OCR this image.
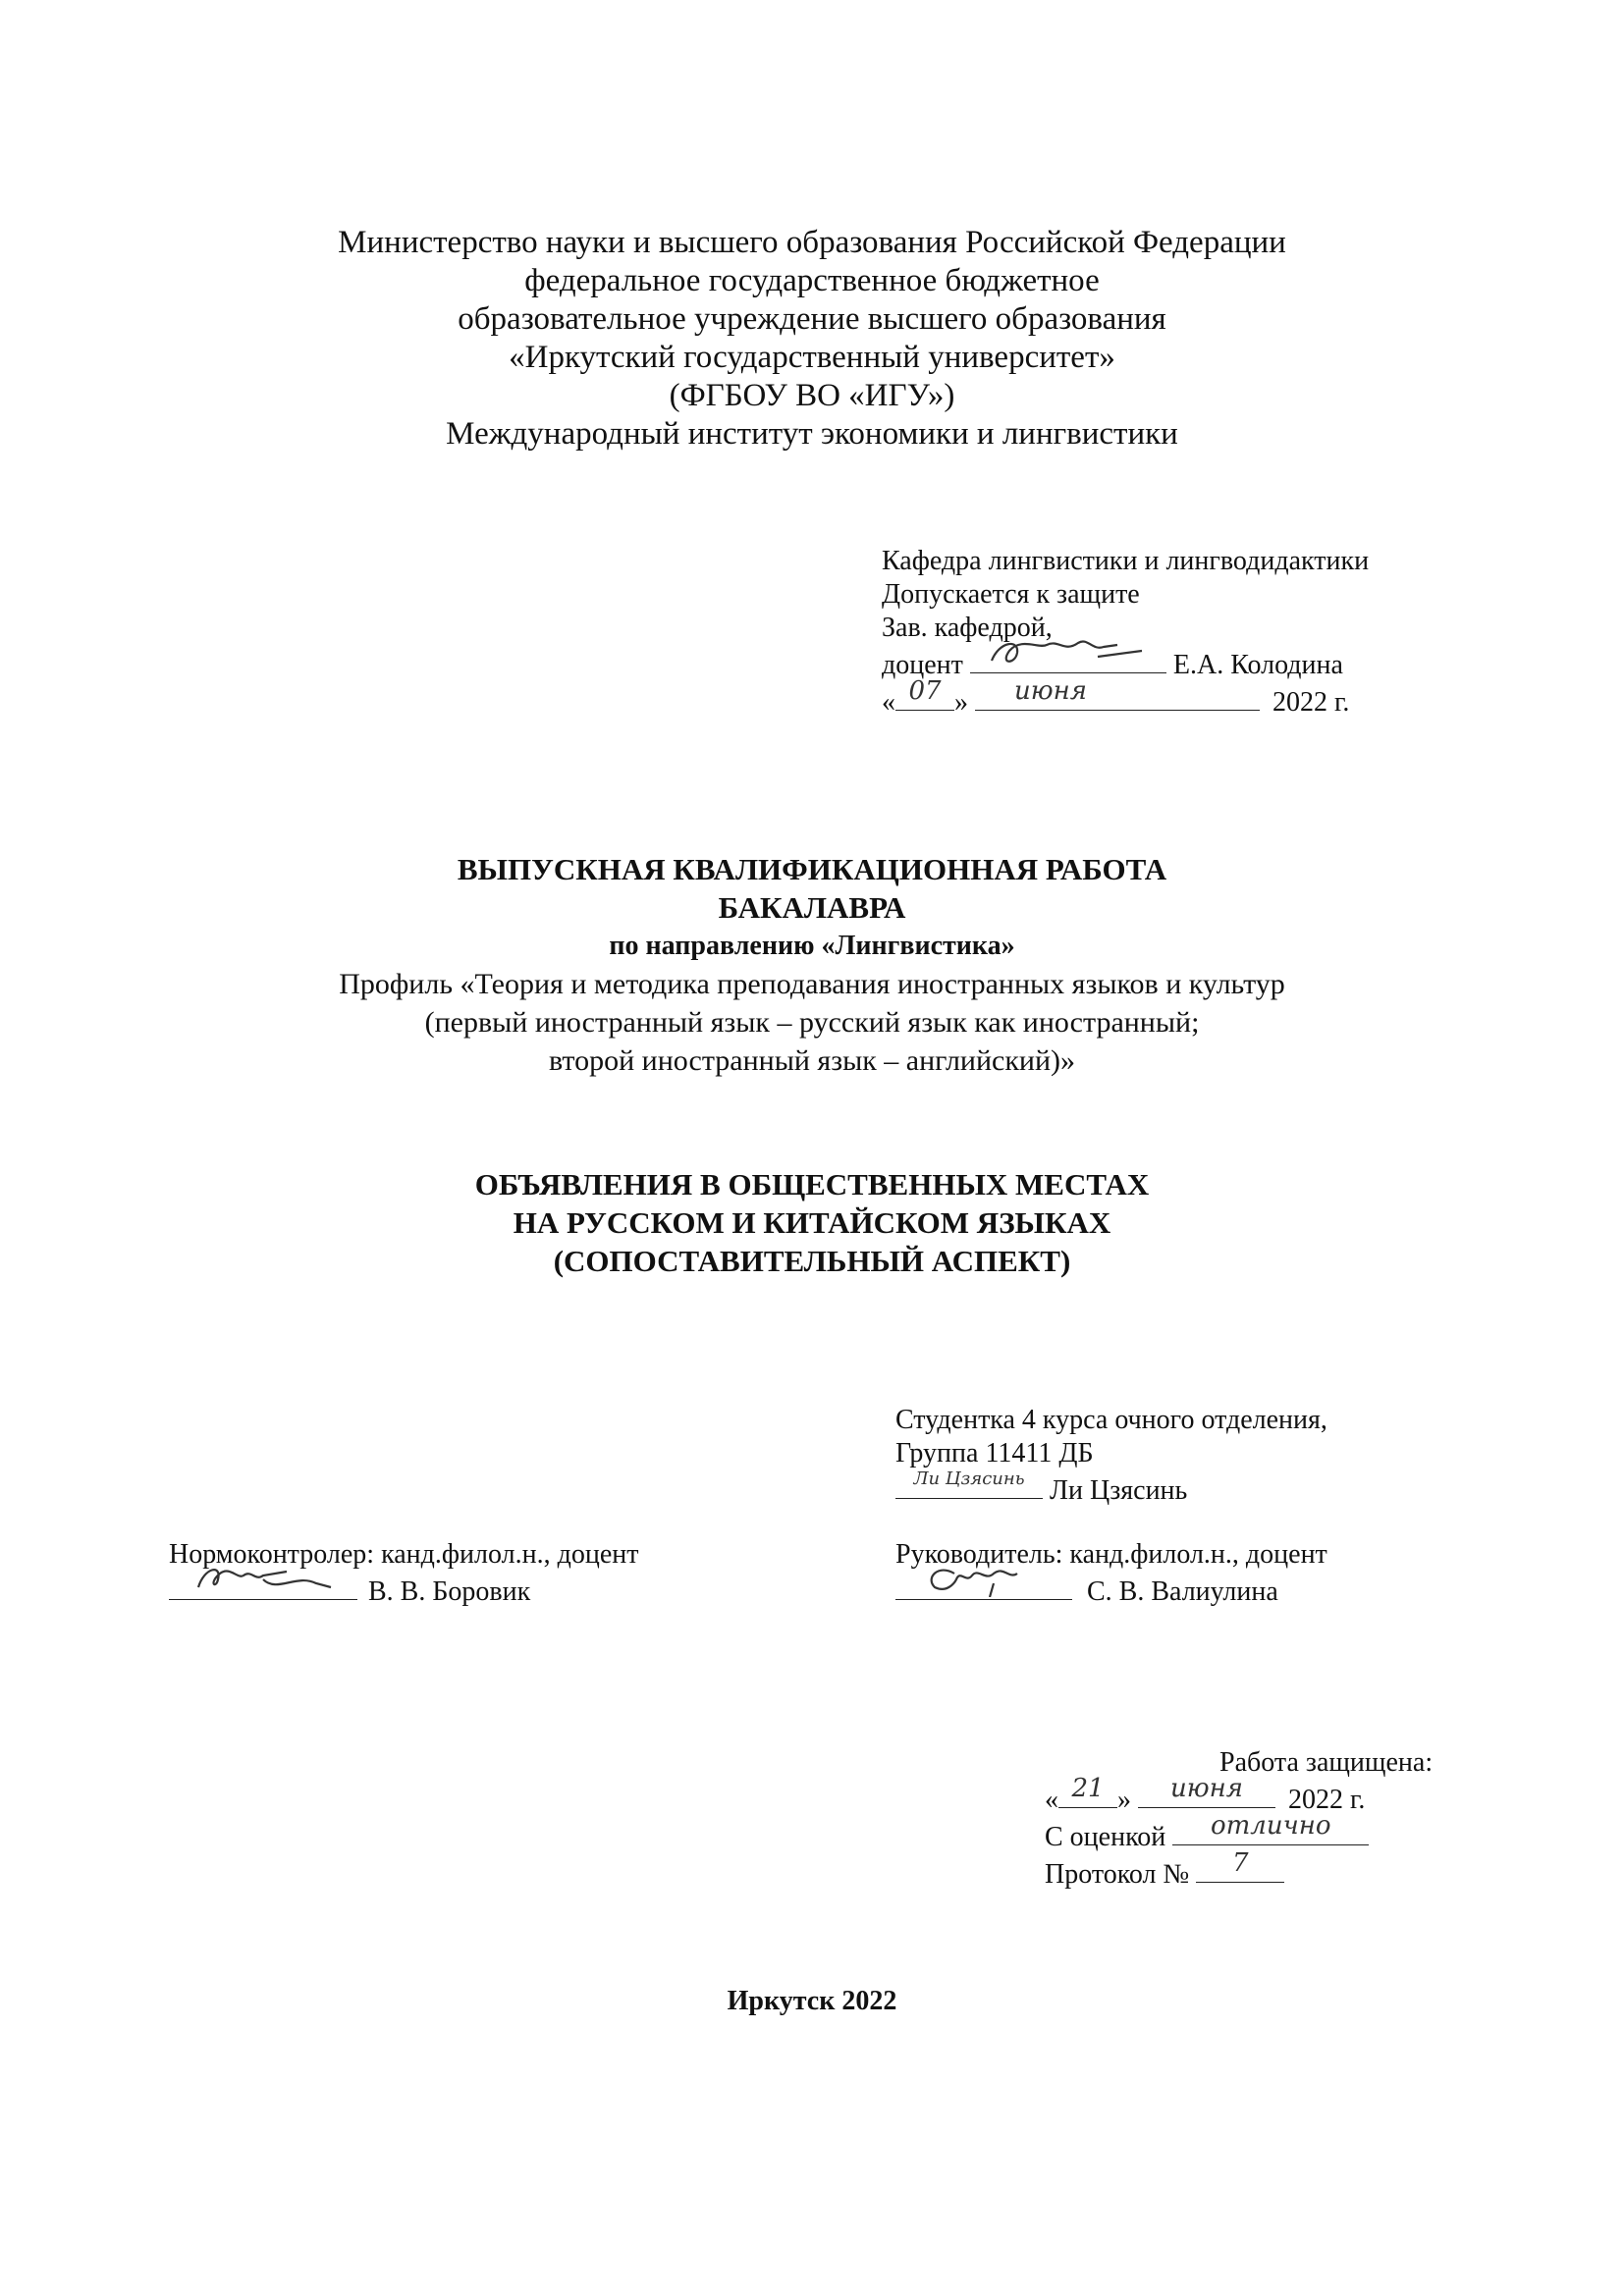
Министерство науки и высшего образования Российской Федерации
федеральное государственное бюджетное
образовательное учреждение высшего образования
«Иркутский государственный университет»
(ФГБОУ ВО «ИГУ»)
Международный институт экономики и лингвистики
Кафедра лингвистики и лингводидактики
Допускается к защите
Зав. кафедрой,
доцент	Е.А. Колодина
« 07 »	июня	2022 г.
ВЫПУСКНАЯ КВАЛИФИКАЦИОННАЯ РАБОТА
БАКАЛАВРА
по направлению «Лингвистика»
Профиль «Теория и методика преподавания иностранных языков и культур
(первый иностранный язык – русский язык как иностранный;
второй иностранный язык – английский)»
ОБЪЯВЛЕНИЯ В ОБЩЕСТВЕННЫХ МЕСТАХ
НА РУССКОМ И КИТАЙСКОМ ЯЗЫКАХ
(СОПОСТАВИТЕЛЬНЫЙ АСПЕКТ)
Студентка 4 курса очного отделения,
Группа 11411 ДБ
Ли Цзясинь Ли Цзясинь
Нормоконтролер: канд.филол.н., доцент
В. В. Боровик
Руководитель: канд.филол.н., доцент
С. В. Валиулина
Работа защищена:
« 21 »	июня	2022 г.
С оценкой	отлично
Протокол №	7
Иркутск 2022
